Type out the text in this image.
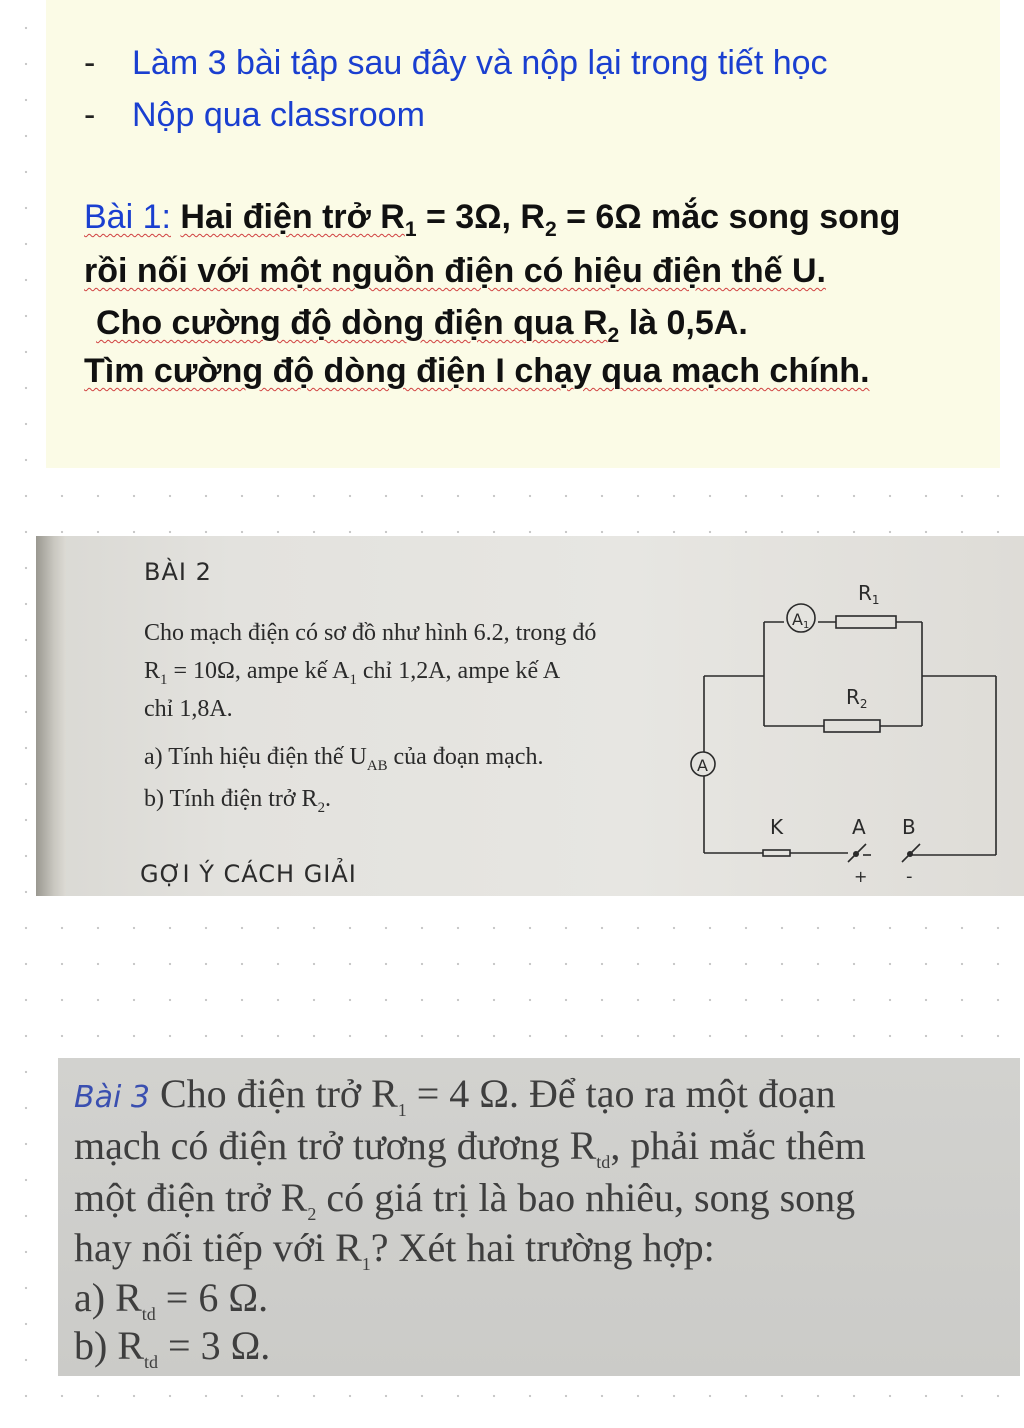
- Làm 3 bài tập sau đây và nộp lại trong tiết học
- Nộp qua classroom
Bài 1: Hai điện trở $R_1 = 3\Omega$, $R_2 = 6\Omega$ mắc song song
rồi nối với một nguồn điện có hiệu điện thế U.
Cho cường độ dòng điện qua $R_2$ là 0,5A.
Tìm cường độ dòng điện I chạy qua mạch chính.
BÀI 2
Cho mạch điện có sơ đồ như hình 6.2, trong đó
$R_1 = 10\Omega$, ampe kế $A_1$ chỉ 1,2A, ampe kế A
chỉ 1,8A.
a) Tính hiệu điện thế $U_{AB}$ của đoạn mạch.
b) Tính điện trở $R_2$.
GỢI Ý CÁCH GIẢI
$R_1$
$R_2$
A1
A
K	A B
+ -
Bài 3 Cho điện trở $R_1 = 4$ Ω. Để tạo ra một đoạn
mạch có điện trở tương đương $R_{td}$, phải mắc thêm
một điện trở $R_2$ có giá trị là bao nhiêu, song song
hay nối tiếp với $R_1$? Xét hai trường hợp:
a) $R_{td} = 6$ Ω.
b) $R_{td} = 3$ Ω.
